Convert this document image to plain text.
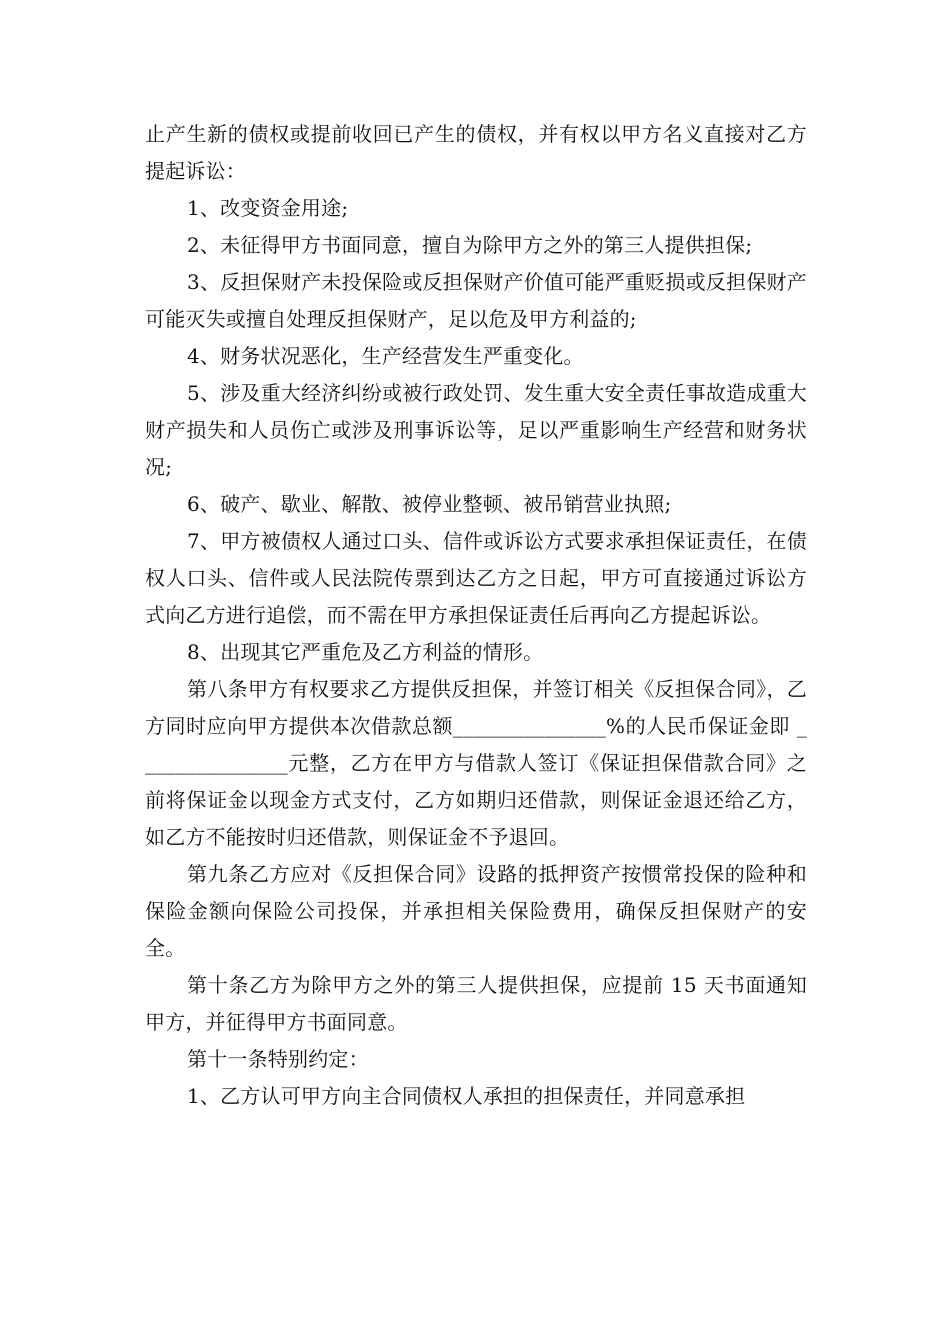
止产生新的债权或提前收回已产生的债权，并有权以甲方名义直接对乙方提起诉讼：

1、改变资金用途;

2、未征得甲方书面同意，擅自为除甲方之外的第三人提供担保;

3、反担保财产未投保险或反担保财产价值可能严重贬损或反担保财产可能灭失或擅自处理反担保财产，足以危及甲方利益的;

4、财务状况恶化，生产经营发生严重变化。

5、涉及重大经济纠纷或被行政处罚、发生重大安全责任事故造成重大财产损失和人员伤亡或涉及刑事诉讼等，足以严重影响生产经营和财务状况;

6、破产、歇业、解散、被停业整顿、被吊销营业执照;

7、甲方被债权人通过口头、信件或诉讼方式要求承担保证责任，在债权人口头、信件或人民法院传票到达乙方之日起，甲方可直接通过诉讼方式向乙方进行追偿，而不需在甲方承担保证责任后再向乙方提起诉讼。

8、出现其它严重危及乙方利益的情形。

第八条甲方有权要求乙方提供反担保，并签订相关《反担保合同》，乙方同时应向甲方提供本次借款总额_______________%的人民币保证金即 _______________元整，乙方在甲方与借款人签订《保证担保借款合同》之前将保证金以现金方式支付，乙方如期归还借款，则保证金退还给乙方，如乙方不能按时归还借款，则保证金不予退回。

第九条乙方应对《反担保合同》设路的抵押资产按惯常投保的险种和保险金额向保险公司投保，并承担相关保险费用，确保反担保财产的安全。

第十条乙方为除甲方之外的第三人提供担保，应提前 15 天书面通知甲方，并征得甲方书面同意。

第十一条特别约定：

1、乙方认可甲方向主合同债权人承担的担保责任，并同意承担
